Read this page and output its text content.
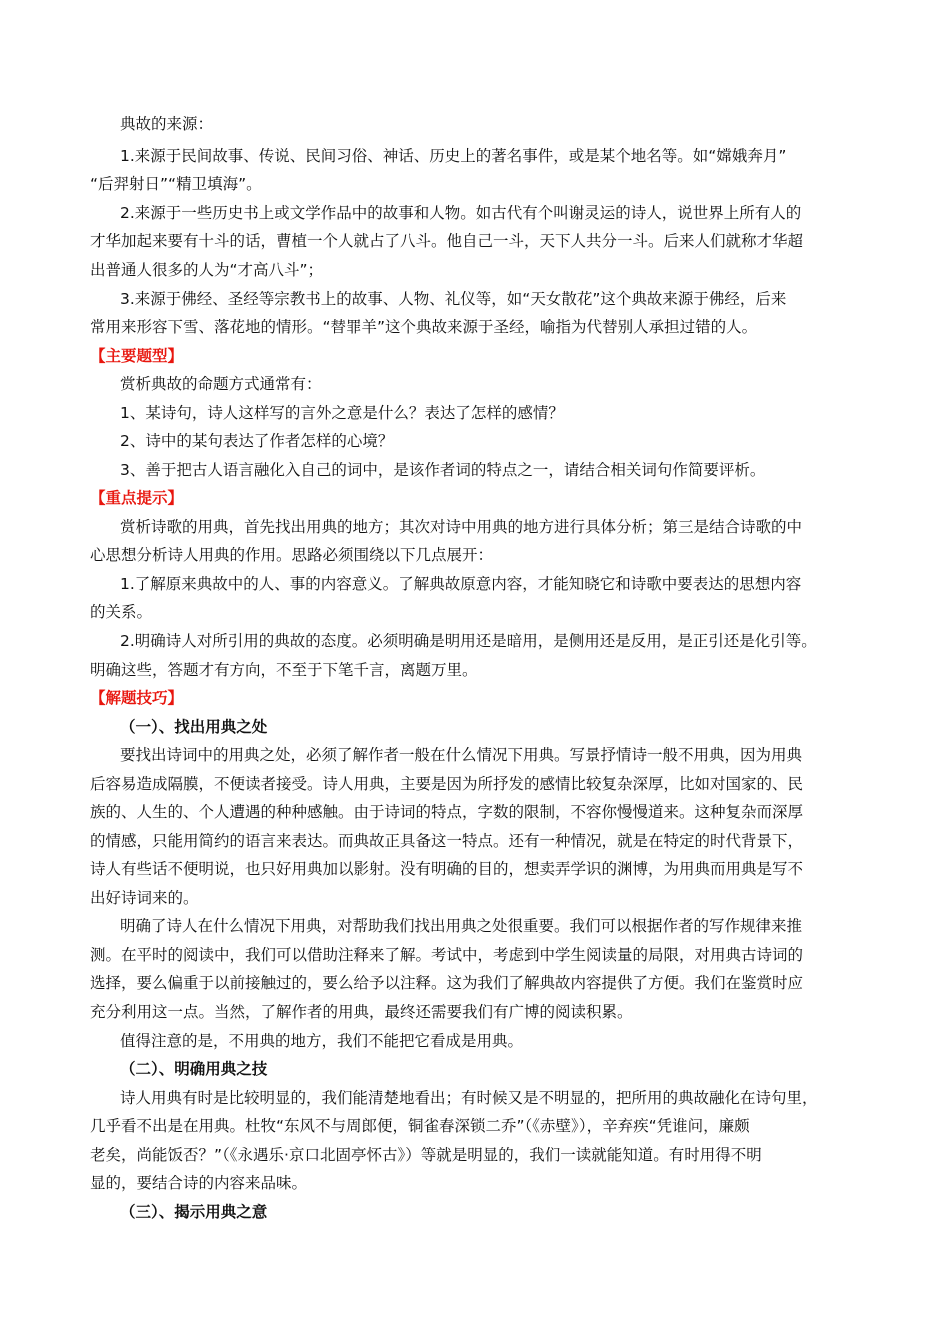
典故的来源：

1.来源于民间故事、传说、民间习俗、神话、历史上的著名事件，或是某个地名等。如“嫦娥奔月”

“后羿射日”“精卫填海”。

2.来源于一些历史书上或文学作品中的故事和人物。如古代有个叫谢灵运的诗人，说世界上所有人的

才华加起来要有十斗的话，曹植一个人就占了八斗。他自己一斗，天下人共分一斗。后来人们就称才华超

出普通人很多的人为“才高八斗”；

3.来源于佛经、圣经等宗教书上的故事、人物、礼仪等，如“天女散花”这个典故来源于佛经，后来

常用来形容下雪、落花地的情形。“替罪羊”这个典故来源于圣经，喻指为代替别人承担过错的人。

【主要题型】

赏析典故的命题方式通常有：

1、某诗句，诗人这样写的言外之意是什么？表达了怎样的感情？

2、诗中的某句表达了作者怎样的心境？

3、善于把古人语言融化入自己的词中，是该作者词的特点之一，请结合相关词句作简要评析。

【重点提示】

赏析诗歌的用典，首先找出用典的地方；其次对诗中用典的地方进行具体分析；第三是结合诗歌的中

心思想分析诗人用典的作用。思路必须围绕以下几点展开：

1.了解原来典故中的人、事的内容意义。了解典故原意内容，才能知晓它和诗歌中要表达的思想内容

的关系。

2.明确诗人对所引用的典故的态度。必须明确是明用还是暗用，是侧用还是反用，是正引还是化引等。

明确这些，答题才有方向，不至于下笔千言，离题万里。

【解题技巧】

（一）、找出用典之处

要找出诗词中的用典之处，必须了解作者一般在什么情况下用典。写景抒情诗一般不用典，因为用典

后容易造成隔膜，不便读者接受。诗人用典，主要是因为所抒发的感情比较复杂深厚，比如对国家的、民

族的、人生的、个人遭遇的种种感触。由于诗词的特点，字数的限制，不容你慢慢道来。这种复杂而深厚

的情感，只能用简约的语言来表达。而典故正具备这一特点。还有一种情况，就是在特定的时代背景下，

诗人有些话不便明说，也只好用典加以影射。没有明确的目的，想卖弄学识的渊博，为用典而用典是写不

出好诗词来的。

明确了诗人在什么情况下用典，对帮助我们找出用典之处很重要。我们可以根据作者的写作规律来推

测。在平时的阅读中，我们可以借助注释来了解。考试中，考虑到中学生阅读量的局限，对用典古诗词的

选择，要么偏重于以前接触过的，要么给予以注释。这为我们了解典故内容提供了方便。我们在鉴赏时应

充分利用这一点。当然，了解作者的用典，最终还需要我们有广博的阅读积累。

值得注意的是，不用典的地方，我们不能把它看成是用典。

（二）、明确用典之技

诗人用典有时是比较明显的，我们能清楚地看出；有时候又是不明显的，把所用的典故融化在诗句里，

几乎看不出是在用典。杜牧“东风不与周郎便，铜雀春深锁二乔”（《赤壁》），辛弃疾“凭谁问，廉颇

老矣，尚能饭否？”（《永遇乐·京口北固亭怀古》）等就是明显的，我们一读就能知道。有时用得不明

显的，要结合诗的内容来品味。

（三）、揭示用典之意
